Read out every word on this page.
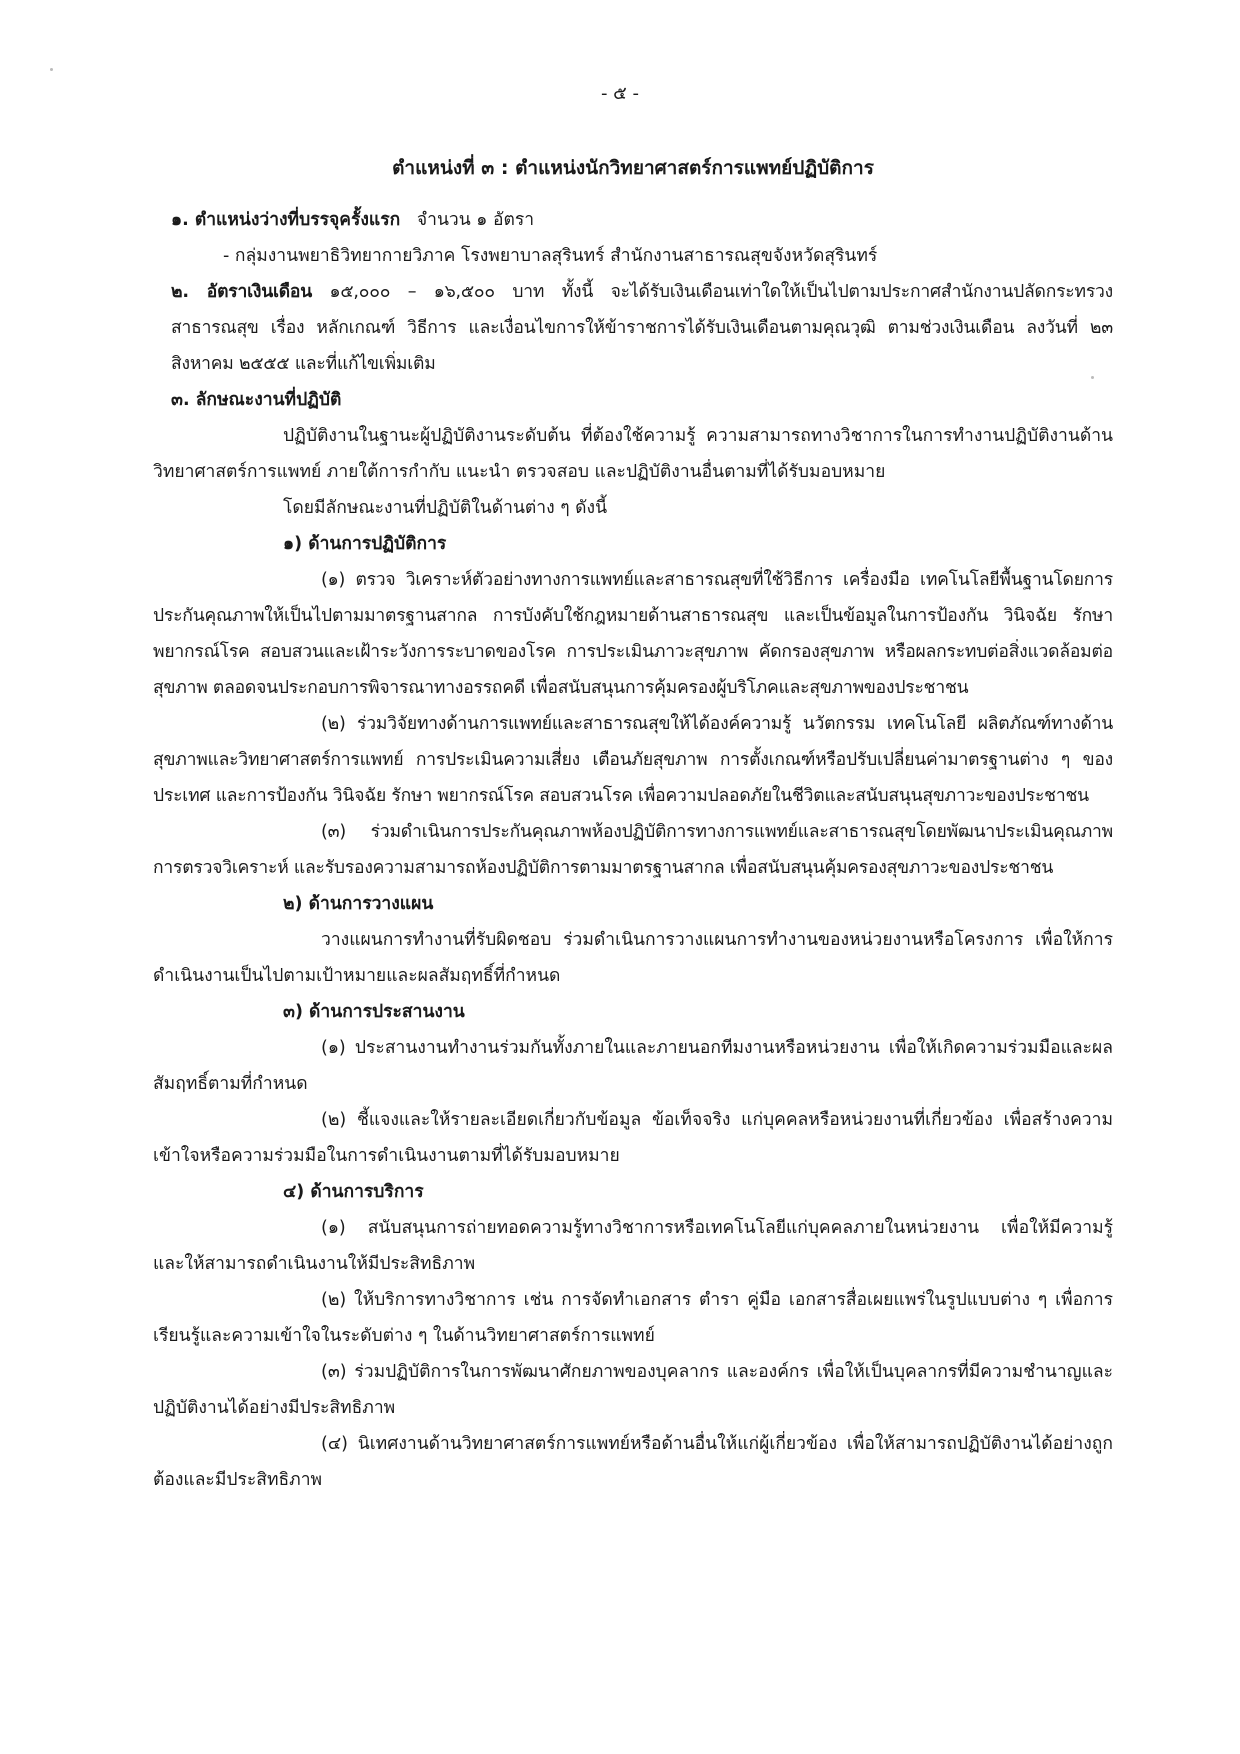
- ๕ -

ตำแหน่งที่ ๓ : ตำแหน่งนักวิทยาศาสตร์การแพทย์ปฏิบัติการ

๑. ตำแหน่งว่างที่บรรจุครั้งแรก จำนวน ๑ อัตรา

- กลุ่มงานพยาธิวิทยากายวิภาค โรงพยาบาลสุรินทร์ สำนักงานสาธารณสุขจังหวัดสุรินทร์

๒. อัตราเงินเดือน ๑๕,๐๐๐ – ๑๖,๕๐๐ บาท ทั้งนี้ จะได้รับเงินเดือนเท่าใดให้เป็นไปตามประกาศสำนักงานปลัดกระทรวงสาธารณสุข เรื่อง หลักเกณฑ์ วิธีการ และเงื่อนไขการให้ข้าราชการได้รับเงินเดือนตามคุณวุฒิ ตามช่วงเงินเดือน ลงวันที่ ๒๓ สิงหาคม ๒๕๕๕ และที่แก้ไขเพิ่มเติม

๓. ลักษณะงานที่ปฏิบัติ

ปฏิบัติงานในฐานะผู้ปฏิบัติงานระดับต้น ที่ต้องใช้ความรู้ ความสามารถทางวิชาการในการทำงานปฏิบัติงานด้านวิทยาศาสตร์การแพทย์ ภายใต้การกำกับ แนะนำ ตรวจสอบ และปฏิบัติงานอื่นตามที่ได้รับมอบหมาย

โดยมีลักษณะงานที่ปฏิบัติในด้านต่าง ๆ ดังนี้

๑) ด้านการปฏิบัติการ

(๑) ตรวจ วิเคราะห์ตัวอย่างทางการแพทย์และสาธารณสุขที่ใช้วิธีการ เครื่องมือ เทคโนโลยีพื้นฐานโดยการประกันคุณภาพให้เป็นไปตามมาตรฐานสากล การบังคับใช้กฎหมายด้านสาธารณสุข และเป็นข้อมูลในการป้องกัน วินิจฉัย รักษา พยากรณ์โรค สอบสวนและเฝ้าระวังการระบาดของโรค การประเมินภาวะสุขภาพ คัดกรองสุขภาพ หรือผลกระทบต่อสิ่งแวดล้อมต่อสุขภาพ ตลอดจนประกอบการพิจารณาทางอรรถคดี เพื่อสนับสนุนการคุ้มครองผู้บริโภคและสุขภาพของประชาชน

(๒) ร่วมวิจัยทางด้านการแพทย์และสาธารณสุขให้ได้องค์ความรู้ นวัตกรรม เทคโนโลยี ผลิตภัณฑ์ทางด้านสุขภาพและวิทยาศาสตร์การแพทย์ การประเมินความเสี่ยง เตือนภัยสุขภาพ การตั้งเกณฑ์หรือปรับเปลี่ยนค่ามาตรฐานต่าง ๆ ของประเทศ และการป้องกัน วินิจฉัย รักษา พยากรณ์โรค สอบสวนโรค เพื่อความปลอดภัยในชีวิตและสนับสนุนสุขภาวะของประชาชน

(๓) ร่วมดำเนินการประกันคุณภาพห้องปฏิบัติการทางการแพทย์และสาธารณสุขโดยพัฒนาประเมินคุณภาพการตรวจวิเคราะห์ และรับรองความสามารถห้องปฏิบัติการตามมาตรฐานสากล เพื่อสนับสนุนคุ้มครองสุขภาวะของประชาชน

๒) ด้านการวางแผน

วางแผนการทำงานที่รับผิดชอบ ร่วมดำเนินการวางแผนการทำงานของหน่วยงานหรือโครงการ เพื่อให้การดำเนินงานเป็นไปตามเป้าหมายและผลสัมฤทธิ์ที่กำหนด

๓) ด้านการประสานงาน

(๑) ประสานงานทำงานร่วมกันทั้งภายในและภายนอกทีมงานหรือหน่วยงาน เพื่อให้เกิดความร่วมมือและผลสัมฤทธิ์ตามที่กำหนด

(๒) ชี้แจงและให้รายละเอียดเกี่ยวกับข้อมูล ข้อเท็จจริง แก่บุคคลหรือหน่วยงานที่เกี่ยวข้อง เพื่อสร้างความเข้าใจหรือความร่วมมือในการดำเนินงานตามที่ได้รับมอบหมาย

๔) ด้านการบริการ

(๑) สนับสนุนการถ่ายทอดความรู้ทางวิชาการหรือเทคโนโลยีแก่บุคคลภายในหน่วยงาน เพื่อให้มีความรู้ และให้สามารถดำเนินงานให้มีประสิทธิภาพ

(๒) ให้บริการทางวิชาการ เช่น การจัดทำเอกสาร ตำรา คู่มือ เอกสารสื่อเผยแพร่ในรูปแบบต่าง ๆ เพื่อการเรียนรู้และความเข้าใจในระดับต่าง ๆ ในด้านวิทยาศาสตร์การแพทย์

(๓) ร่วมปฏิบัติการในการพัฒนาศักยภาพของบุคลากร และองค์กร เพื่อให้เป็นบุคลากรที่มีความชำนาญและปฏิบัติงานได้อย่างมีประสิทธิภาพ

(๔) นิเทศงานด้านวิทยาศาสตร์การแพทย์หรือด้านอื่นให้แก่ผู้เกี่ยวข้อง เพื่อให้สามารถปฏิบัติงานได้อย่างถูกต้องและมีประสิทธิภาพ
